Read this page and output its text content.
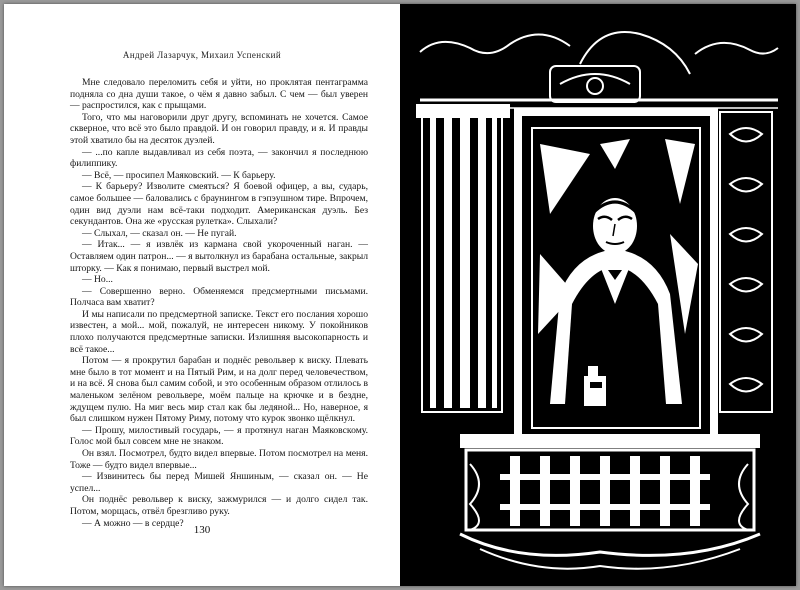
Андрей Лазарчук, Михаил Успенский

Мне следовало переломить себя и уйти, но проклятая пентаграмма подняла со дна души такое, о чём я давно забыл. С чем — был уверен — распростился, как с прыщами.

Того, что мы наговорили друг другу, вспоминать не хочется. Самое скверное, что всё это было правдой. И он говорил правду, и я. И правды этой хватило бы на десяток дуэлей.

— ...по капле выдавливал из себя поэта, — закончил я последнюю филиппику.

— Всё, — просипел Маяковский. — К барьеру.

— К барьеру? Изволите смеяться? Я боевой офицер, а вы, сударь, самое большее — баловались с браунингом в гэпэушном тире. Впрочем, один вид дуэли нам всё-таки подходит. Американская дуэль. Без секундантов. Она же «русская рулетка». Слыхали?

— Слыхал, — сказал он. — Не пугай.

— Итак... — я извлёк из кармана свой укороченный наган. — Оставляем один патрон... — я вытолкнул из барабана остальные, закрыл шторку. — Как я понимаю, первый выстрел мой.

— Но...

— Совершенно верно. Обменяемся предсмертными письмами. Полчаса вам хватит?

И мы написали по предсмертной записке. Текст его послания хорошо известен, а мой... мой, пожалуй, не интересен никому. У покойников плохо получаются предсмертные записки. Излишняя высокопарность и всё такое...

Потом — я прокрутил барабан и поднёс револьвер к виску. Плевать мне было в тот момент и на Пятый Рим, и на долг перед человечеством, и на всё. Я снова был самим собой, и это особенным образом отлилось в маленьком зелёном револьвере, моём пальце на крючке и в бездне, ждущем пулю. На миг весь мир стал как бы ледяной... Но, наверное, я был слишком нужен Пятому Риму, потому что курок звонко щёлкнул.

— Прошу, милостивый государь, — я протянул наган Маяковскому. Голос мой был совсем мне не знаком.

Он взял. Посмотрел, будто видел впервые. Потом посмотрел на меня. Тоже — будто видел впервые...

— Извинитесь бы перед Мишей Яншиным, — сказал он. — Не успел...

Он поднёс револьвер к виску, зажмурился — и долго сидел так. Потом, морщась, отвёл брезгливо руку.

— А можно — в сердце?

130
